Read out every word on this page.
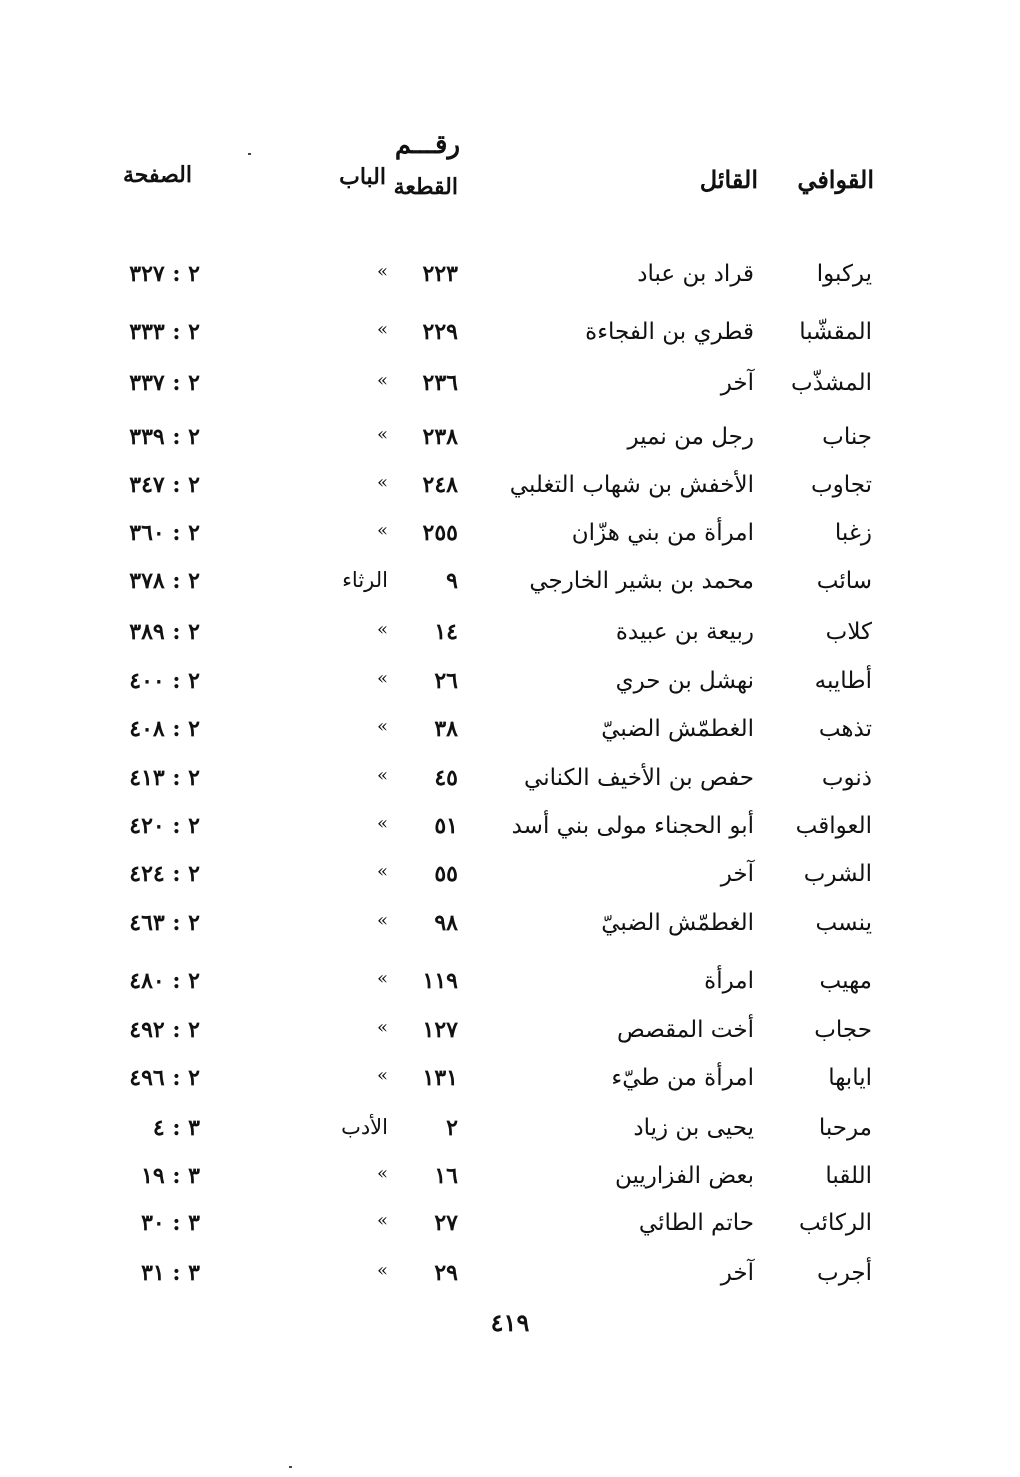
القوافي
القائل
رقـــم
القطعة
الباب
الصفحة
يركبوا
قراد بن عباد
٢٢٣
»
٢ : ٣٢٧
المقشّبا
قطري بن الفجاءة
٢٢٩
»
٢ : ٣٣٣
المشذّب
آخر
٢٣٦
»
٢ : ٣٣٧
جناب
رجل من نمير
٢٣٨
»
٢ : ٣٣٩
تجاوب
الأخفش بن شهاب التغلبي
٢٤٨
»
٢ : ٣٤٧
زغبا
امرأة من بني هزّان
٢٥٥
»
٢ : ٣٦٠
سائب
محمد بن بشير الخارجي
٩
الرثاء
٢ : ٣٧٨
كلاب
ربيعة بن عبيدة
١٤
»
٢ : ٣٨٩
أطايبه
نهشل بن حري
٢٦
»
٢ : ٤٠٠
تذهب
الغطمّش الضبيّ
٣٨
»
٢ : ٤٠٨
ذنوب
حفص بن الأخيف الكناني
٤٥
»
٢ : ٤١٣
العواقب
أبو الحجناء مولى بني أسد
٥١
»
٢ : ٤٢٠
الشرب
آخر
٥٥
»
٢ : ٤٢٤
ينسب
الغطمّش الضبيّ
٩٨
»
٢ : ٤٦٣
مهيب
امرأة
١١٩
»
٢ : ٤٨٠
حجاب
أخت المقصص
١٢٧
»
٢ : ٤٩٢
ايابها
امرأة من طيّء
١٣١
»
٢ : ٤٩٦
مرحبا
يحيى بن زياد
٢
الأدب
٣ : ٤
اللقبا
بعض الفزاريين
١٦
»
٣ : ١٩
الركائب
حاتم الطائي
٢٧
»
٣ : ٣٠
أجرب
آخر
٢٩
»
٣ : ٣١
٤١٩
